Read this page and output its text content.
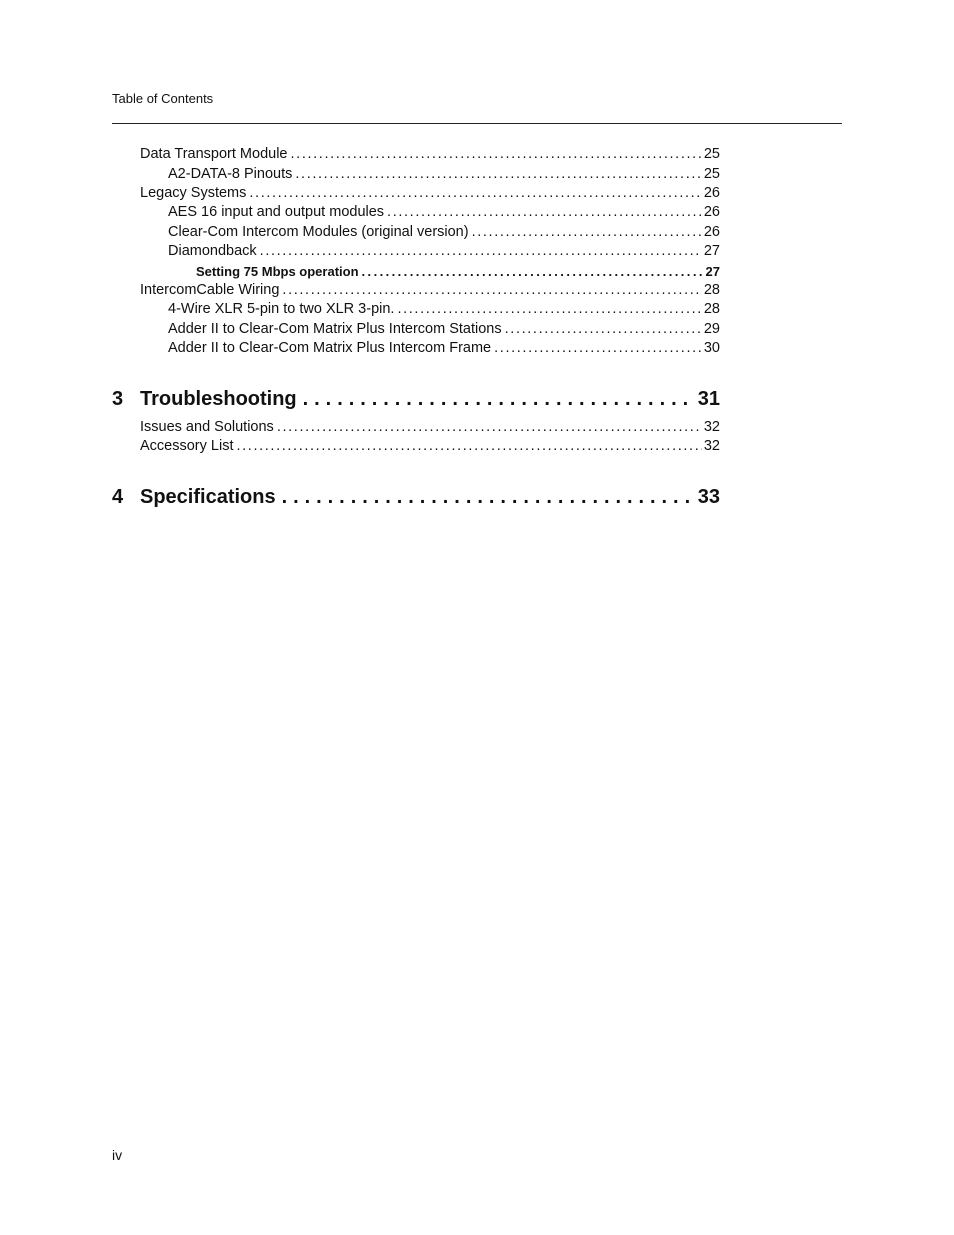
Table of Contents
Data Transport Module . . .	25
A2-DATA-8 Pinouts . . .	25
Legacy Systems . . .	26
AES 16 input and output modules . . .	26
Clear-Com Intercom Modules (original version) . . .	26
Diamondback . . .	27
Setting 75 Mbps operation . . .	27
IntercomCable Wiring . . .	28
4-Wire XLR 5-pin to two XLR 3-pin. . . .	28
Adder II to Clear-Com Matrix Plus Intercom Stations . . .	29
Adder II to Clear-Com Matrix Plus Intercom Frame . . .	30
3 Troubleshooting . . .	31
Issues and Solutions . . .	32
Accessory List . . .	32
4 Specifications . . .	33
iv
